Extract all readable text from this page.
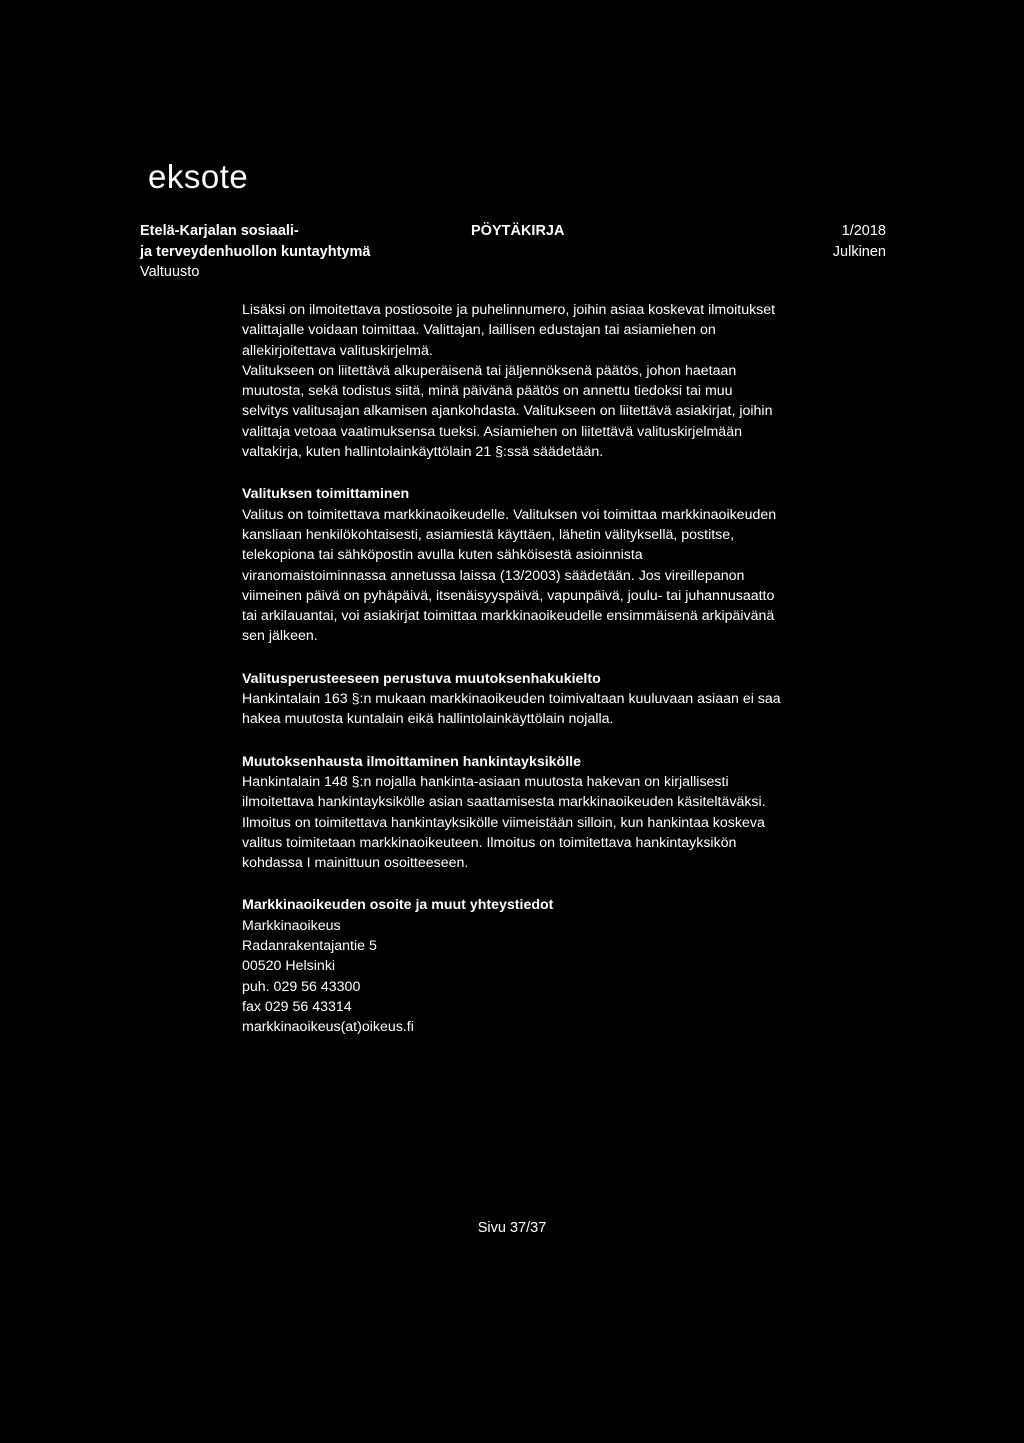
eksote
Etelä-Karjalan sosiaali-
ja terveydenhuollon kuntayhtymä
Valtuusto
PÖYTÄKIRJA	1/2018
Julkinen

Lisäksi on ilmoitettava postiosoite ja puhelinnumero, joihin asiaa koskevat ilmoitukset valittajalle voidaan toimittaa. Valittajan, laillisen edustajan tai asiamiehen on allekirjoitettava valituskirjelmä.

Valitukseen on liitettävä alkuperäisenä tai jäljennöksenä päätös, johon haetaan muutosta, sekä todistus siitä, minä päivänä päätös on annettu tiedoksi tai muu selvitys valitusajan alkamisen ajankohdasta. Valitukseen on liitettävä asiakirjat, joihin valittaja vetoaa vaatimuksensa tueksi. Asiamiehen on liitettävä valituskirjelmään valtakirja, kuten hallintolainkäyttölain 21 §:ssä säädetään.

Valituksen toimittaminen

Valitus on toimitettava markkinaoikeudelle. Valituksen voi toimittaa markkinaoikeuden kansliaan henkilökohtaisesti, asiamiestä käyttäen, lähetin välityksellä, postitse, telekopiona tai sähköpostin avulla kuten sähköisestä asioinnista viranomaistoiminnassa annetussa laissa (13/2003) säädetään. Jos vireillepanon viimeinen päivä on pyhäpäivä, itsenäisyyspäivä, vapunpäivä, joulu- tai juhannusaatto tai arkilauantai, voi asiakirjat toimittaa markkinaoikeudelle ensimmäisenä arkipäivänä sen jälkeen.

Valitusperusteeseen perustuva muutoksenhakukielto

Hankintalain 163 §:n mukaan markkinaoikeuden toimivaltaan kuuluvaan asiaan ei saa hakea muutosta kuntalain eikä hallintolainkäyttölain nojalla.

Muutoksenhausta ilmoittaminen hankintayksikölle

Hankintalain 148 §:n nojalla hankinta-asiaan muutosta hakevan on kirjallisesti ilmoitettava hankintayksikölle asian saattamisesta markkinaoikeuden käsiteltäväksi. Ilmoitus on toimitettava hankintayksikölle viimeistään silloin, kun hankintaa koskeva valitus toimitetaan markkinaoikeuteen. Ilmoitus on toimitettava hankintayksikön kohdassa I mainittuun osoitteeseen.

Markkinaoikeuden osoite ja muut yhteystiedot
Markkinaoikeus
Radanrakentajantie 5
00520 Helsinki
puh. 029 56 43300
fax 029 56 43314
markkinaoikeus(at)oikeus.fi
Sivu 37/37
